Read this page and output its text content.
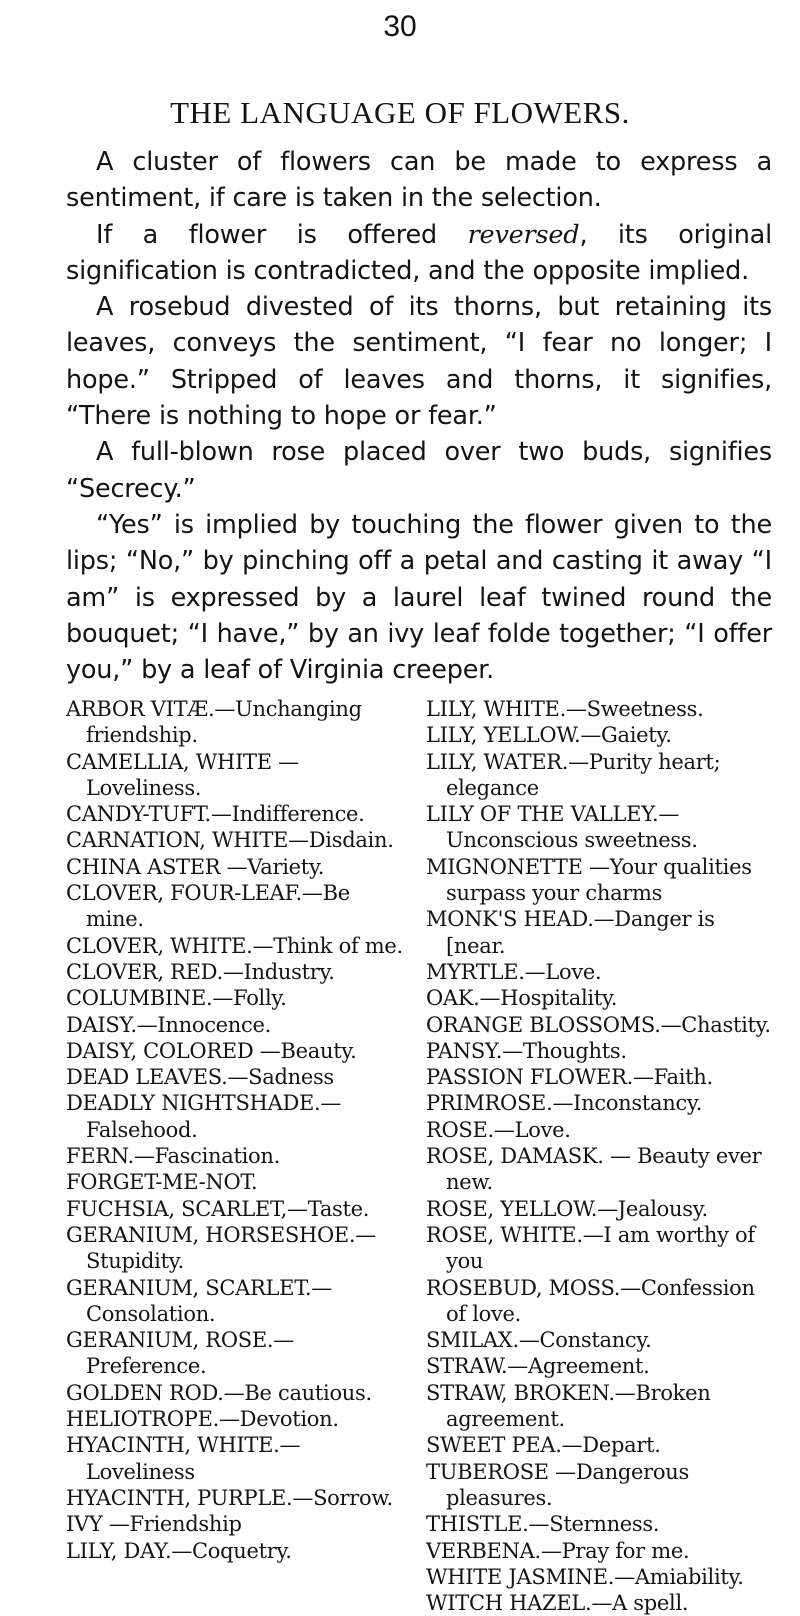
30
THE LANGUAGE OF FLOWERS.

A cluster of flowers can be made to express a sentiment, if care is taken in the selection.

If a flower is offered reversed, its original signification is contradicted, and the opposite implied.

A rosebud divested of its thorns, but retaining its leaves, conveys the sentiment, “I fear no longer; I hope.” Stripped of leaves and thorns, it signifies, “There is nothing to hope or fear.”

A full-blown rose placed over two buds, signifies “Secrecy.”

“Yes” is implied by touching the flower given to the lips; “No,” by pinching off a petal and casting it away “I am” is expressed by a laurel leaf twined round the bouquet; “I have,” by an ivy leaf folde together; “I offer you,” by a leaf of Virginia creeper.

ARBOR VITÆ.—Unchanging friendship.

CAMELLIA, WHITE —Loveliness.

CANDY-TUFT.—Indifference.

CARNATION, WHITE—Disdain.

CHINA ASTER —Variety.

CLOVER, FOUR-LEAF.—Be mine.

CLOVER, WHITE.—Think of me.

CLOVER, RED.—Industry.

COLUMBINE.—Folly.

DAISY.—Innocence.

DAISY, COLORED —Beauty.

DEAD LEAVES.—Sadness

DEADLY NIGHTSHADE.—Falsehood.

FERN.—Fascination.

FORGET-ME-NOT.

FUCHSIA, SCARLET,—Taste.

GERANIUM, HORSESHOE.—Stupidity.

GERANIUM, SCARLET.—Consolation.

GERANIUM, ROSE.—Preference.

GOLDEN ROD.—Be cautious.

HELIOTROPE.—Devotion.

HYACINTH, WHITE.—Loveliness

HYACINTH, PURPLE.—Sorrow.

IVY —Friendship

LILY, DAY.—Coquetry.

LILY, WHITE.—Sweetness.

LILY, YELLOW.—Gaiety.

LILY, WATER.—Purity heart; elegance

LILY OF THE VALLEY.—Unconscious sweetness.

MIGNONETTE —Your qualities surpass your charms

MONK'S HEAD.—Danger is [near.

MYRTLE.—Love.

OAK.—Hospitality.

ORANGE BLOSSOMS.—Chastity.

PANSY.—Thoughts.

PASSION FLOWER.—Faith.

PRIMROSE.—Inconstancy.

ROSE.—Love.

ROSE, DAMASK. — Beauty ever new.

ROSE, YELLOW.—Jealousy.

ROSE, WHITE.—I am worthy of you

ROSEBUD, MOSS.—Confession of love.

SMILAX.—Constancy.

STRAW.—Agreement.

STRAW, BROKEN.—Broken agreement.

SWEET PEA.—Depart.

TUBEROSE —Dangerous pleasures.

THISTLE.—Sternness.

VERBENA.—Pray for me.

WHITE JASMINE.—Amiability.

WITCH HAZEL.—A spell.
